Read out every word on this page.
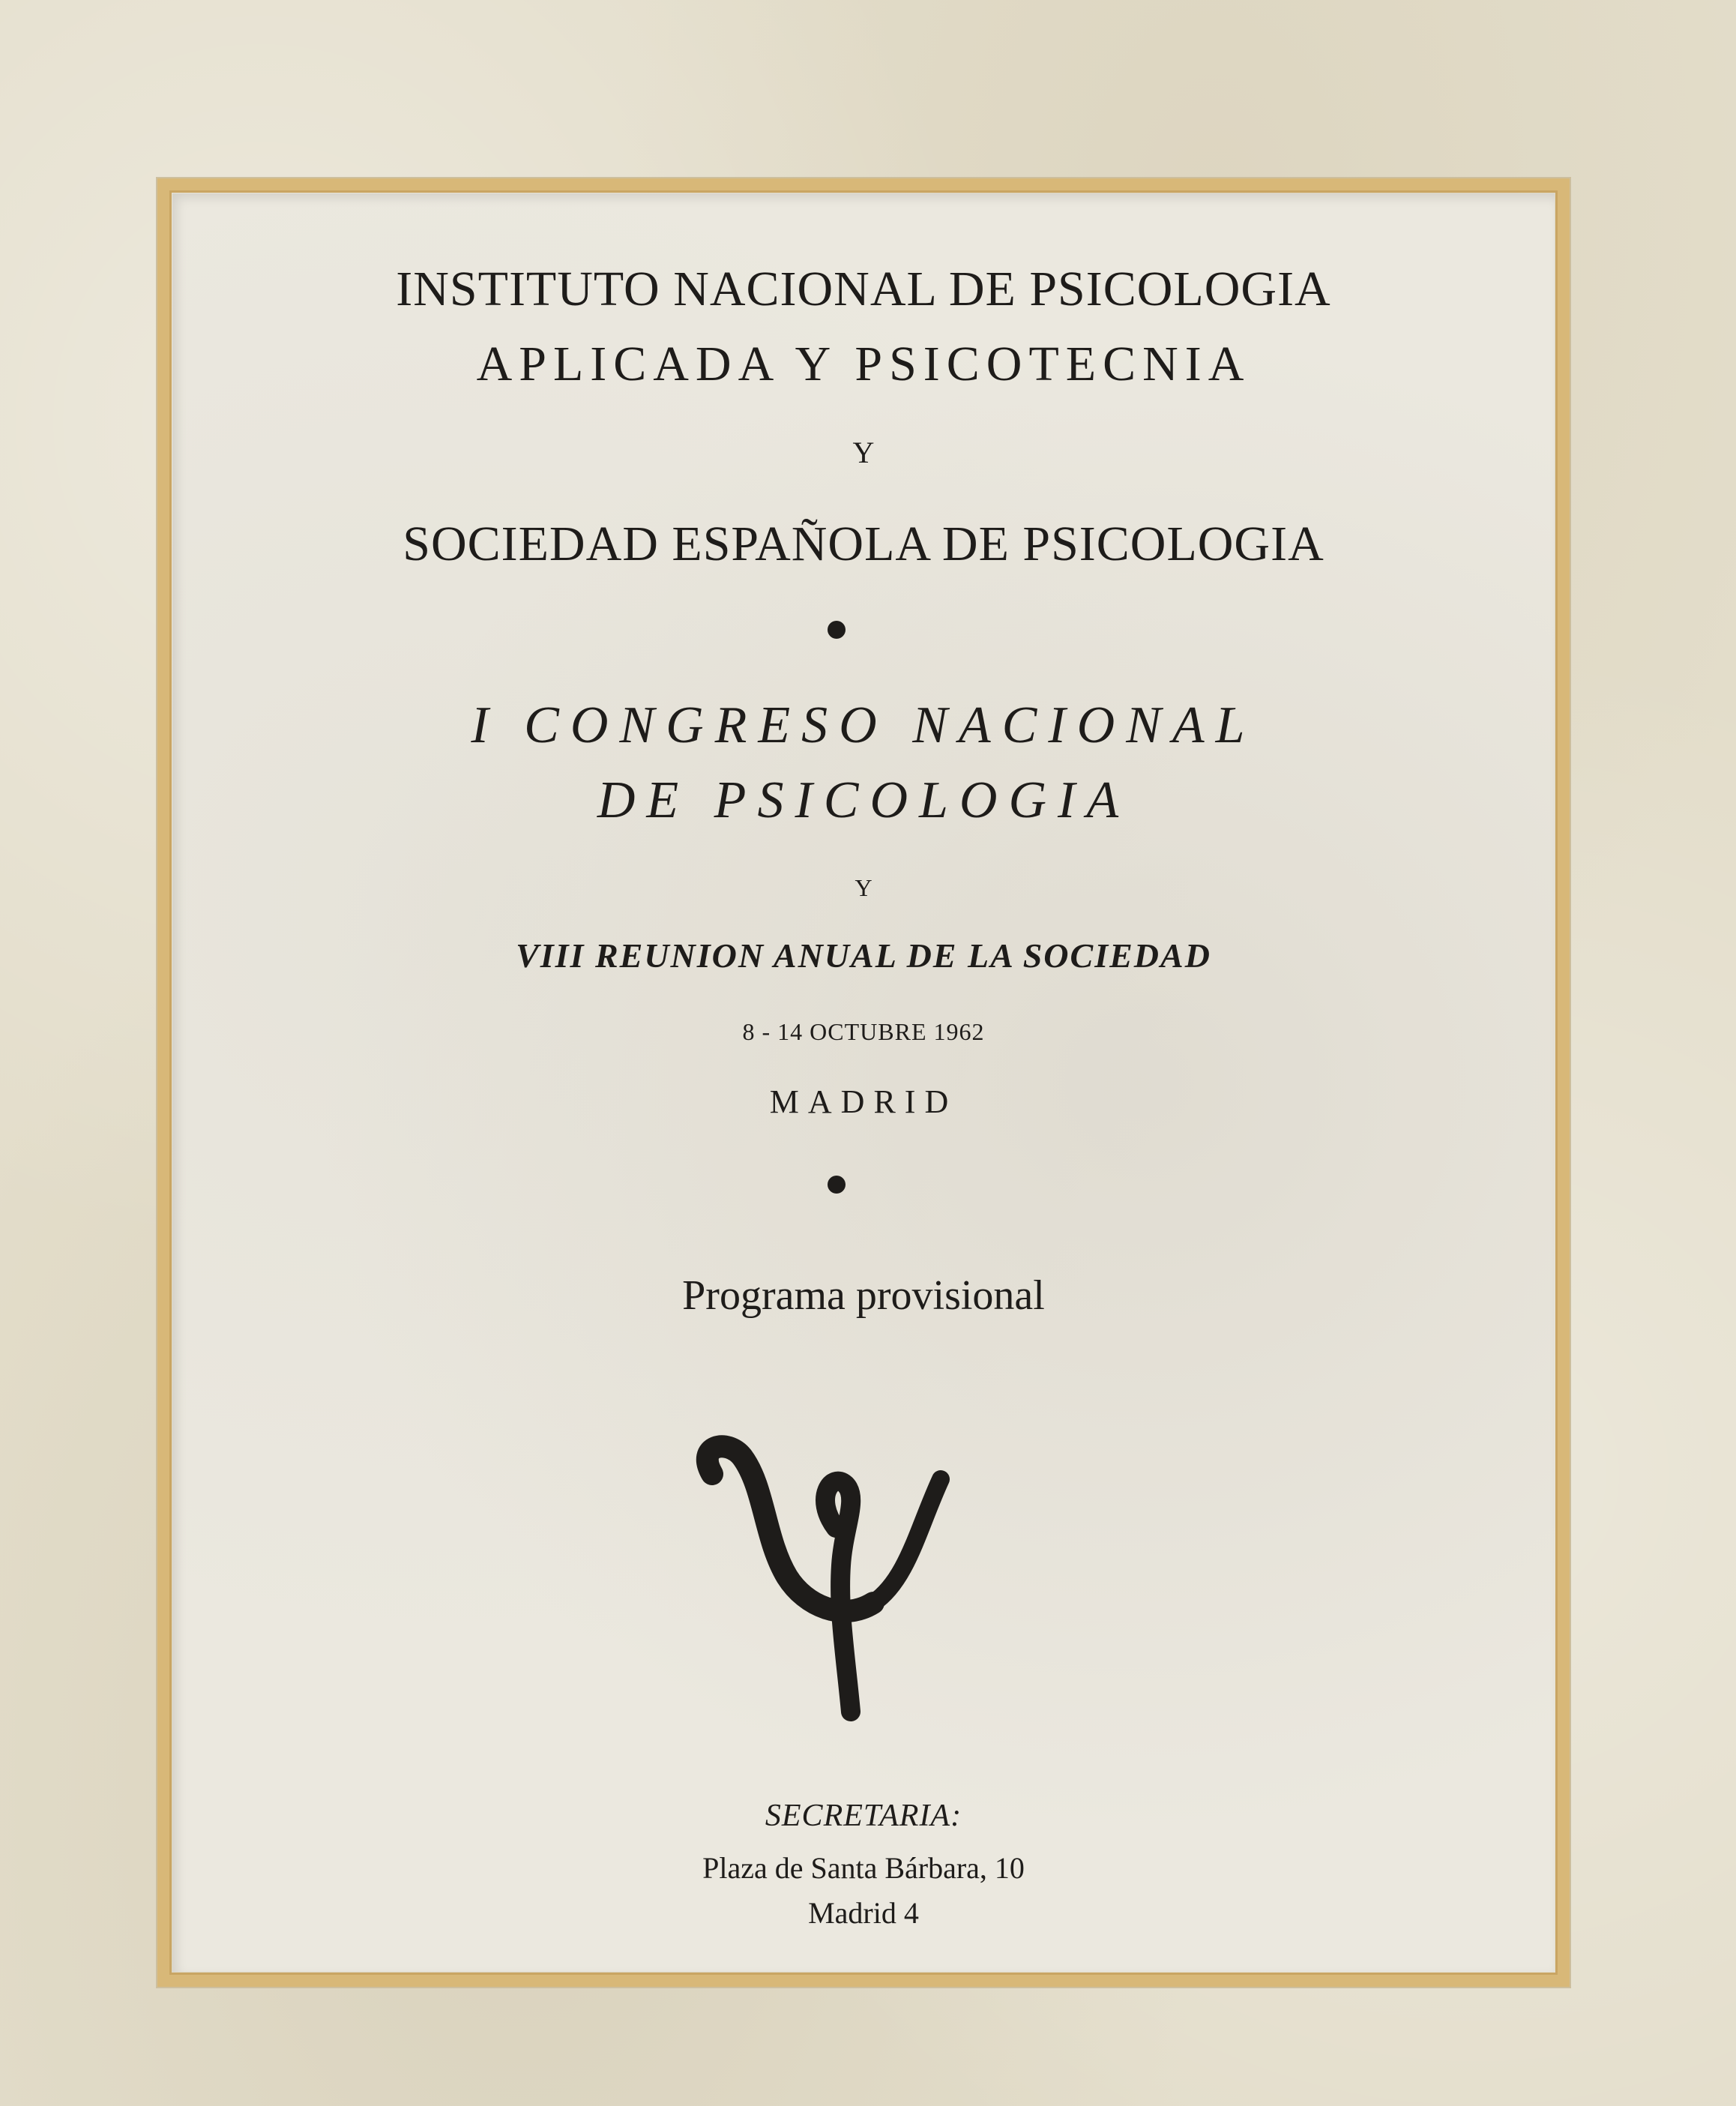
INSTITUTO NACIONAL DE PSICOLOGIA
APLICADA Y PSICOTECNIA
Y
SOCIEDAD ESPAÑOLA DE PSICOLOGIA
I CONGRESO NACIONAL
DE PSICOLOGIA
Y
VIII REUNION ANUAL DE LA SOCIEDAD
8 - 14 OCTUBRE 1962
MADRID
Programa provisional
SECRETARIA:
Plaza de Santa Bárbara, 10
Madrid 4
